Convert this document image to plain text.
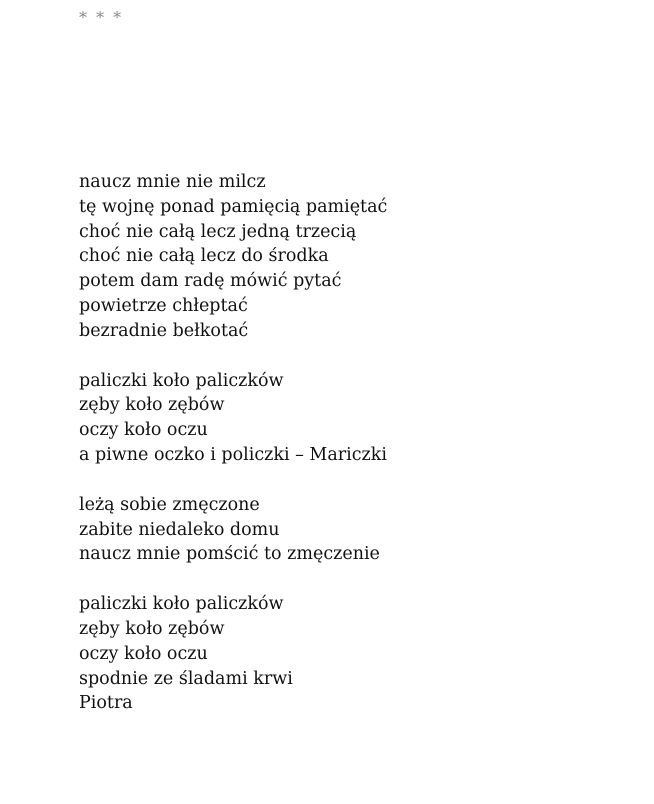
* * *
naucz mnie nie milcz
tę wojnę ponad pamięcią pamiętać
choć nie całą lecz jedną trzecią
choć nie całą lecz do środka
potem dam radę mówić pytać
powietrze chłeptać
bezradnie bełkotać
paliczki koło paliczków
zęby koło zębów
oczy koło oczu
a piwne oczko i policzki – Mariczki
leżą sobie zmęczone
zabite niedaleko domu
naucz mnie pomścić to zmęczenie
paliczki koło paliczków
zęby koło zębów
oczy koło oczu
spodnie ze śladami krwi
Piotra
